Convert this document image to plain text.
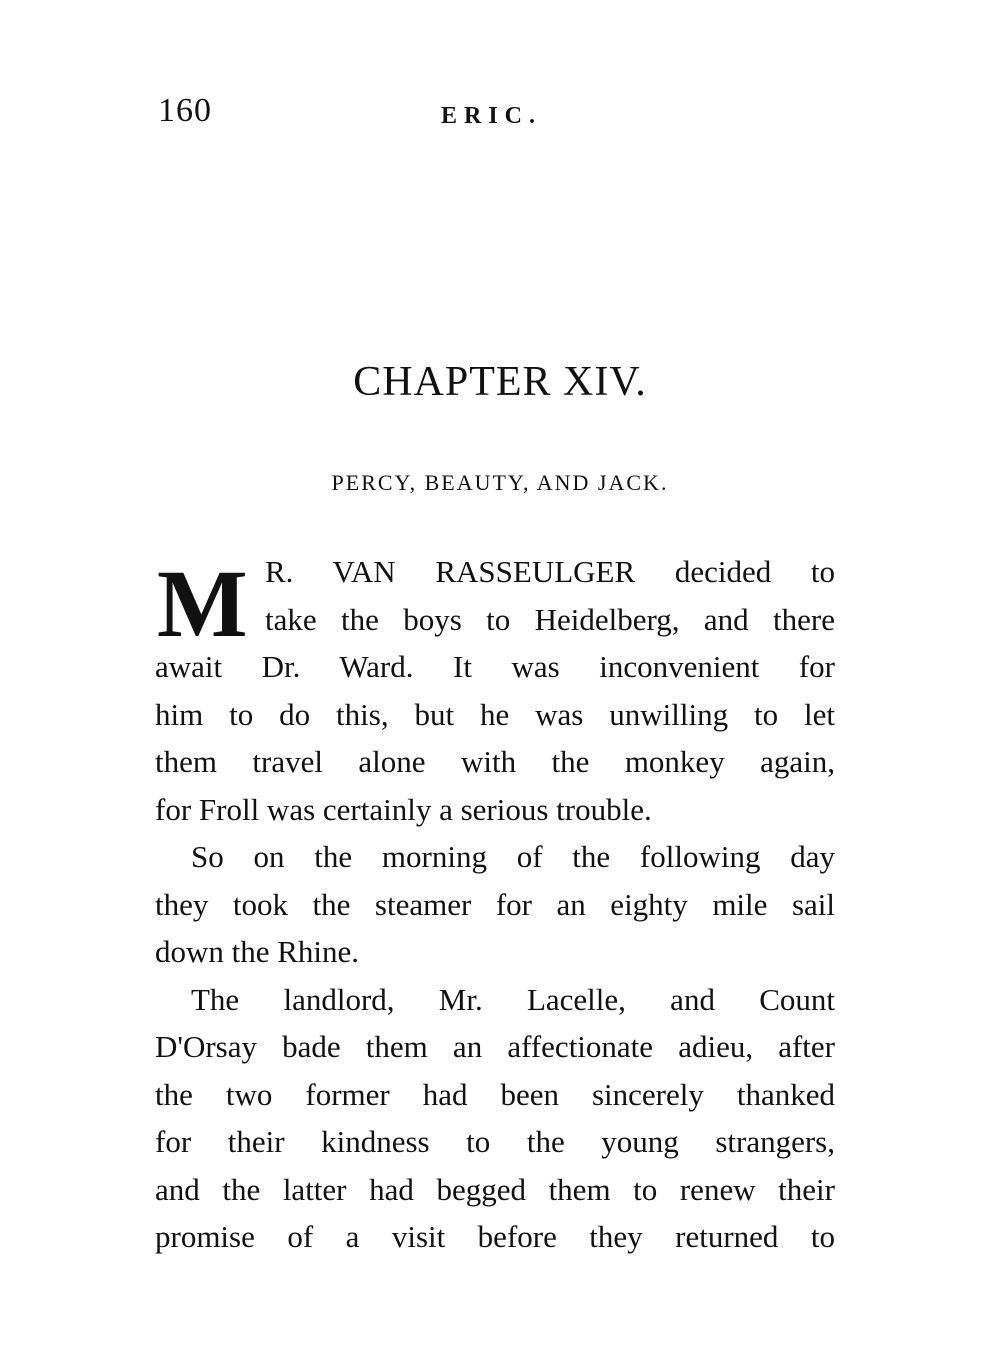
160	ERIC.

CHAPTER XIV.
PERCY, BEAUTY, AND JACK.
M R. VAN RASSEULGER decided to
take the boys to Heidelberg, and there
await Dr. Ward. It was inconvenient for
him to do this, but he was unwilling to let
them travel alone with the monkey again,
for Froll was certainly a serious trouble.
So on the morning of the following day
they took the steamer for an eighty mile sail
down the Rhine.
The landlord, Mr. Lacelle, and Count
D'Orsay bade them an affectionate adieu, after
the two former had been sincerely thanked
for their kindness to the young strangers,
and the latter had begged them to renew their
promise of a visit before they returned to
